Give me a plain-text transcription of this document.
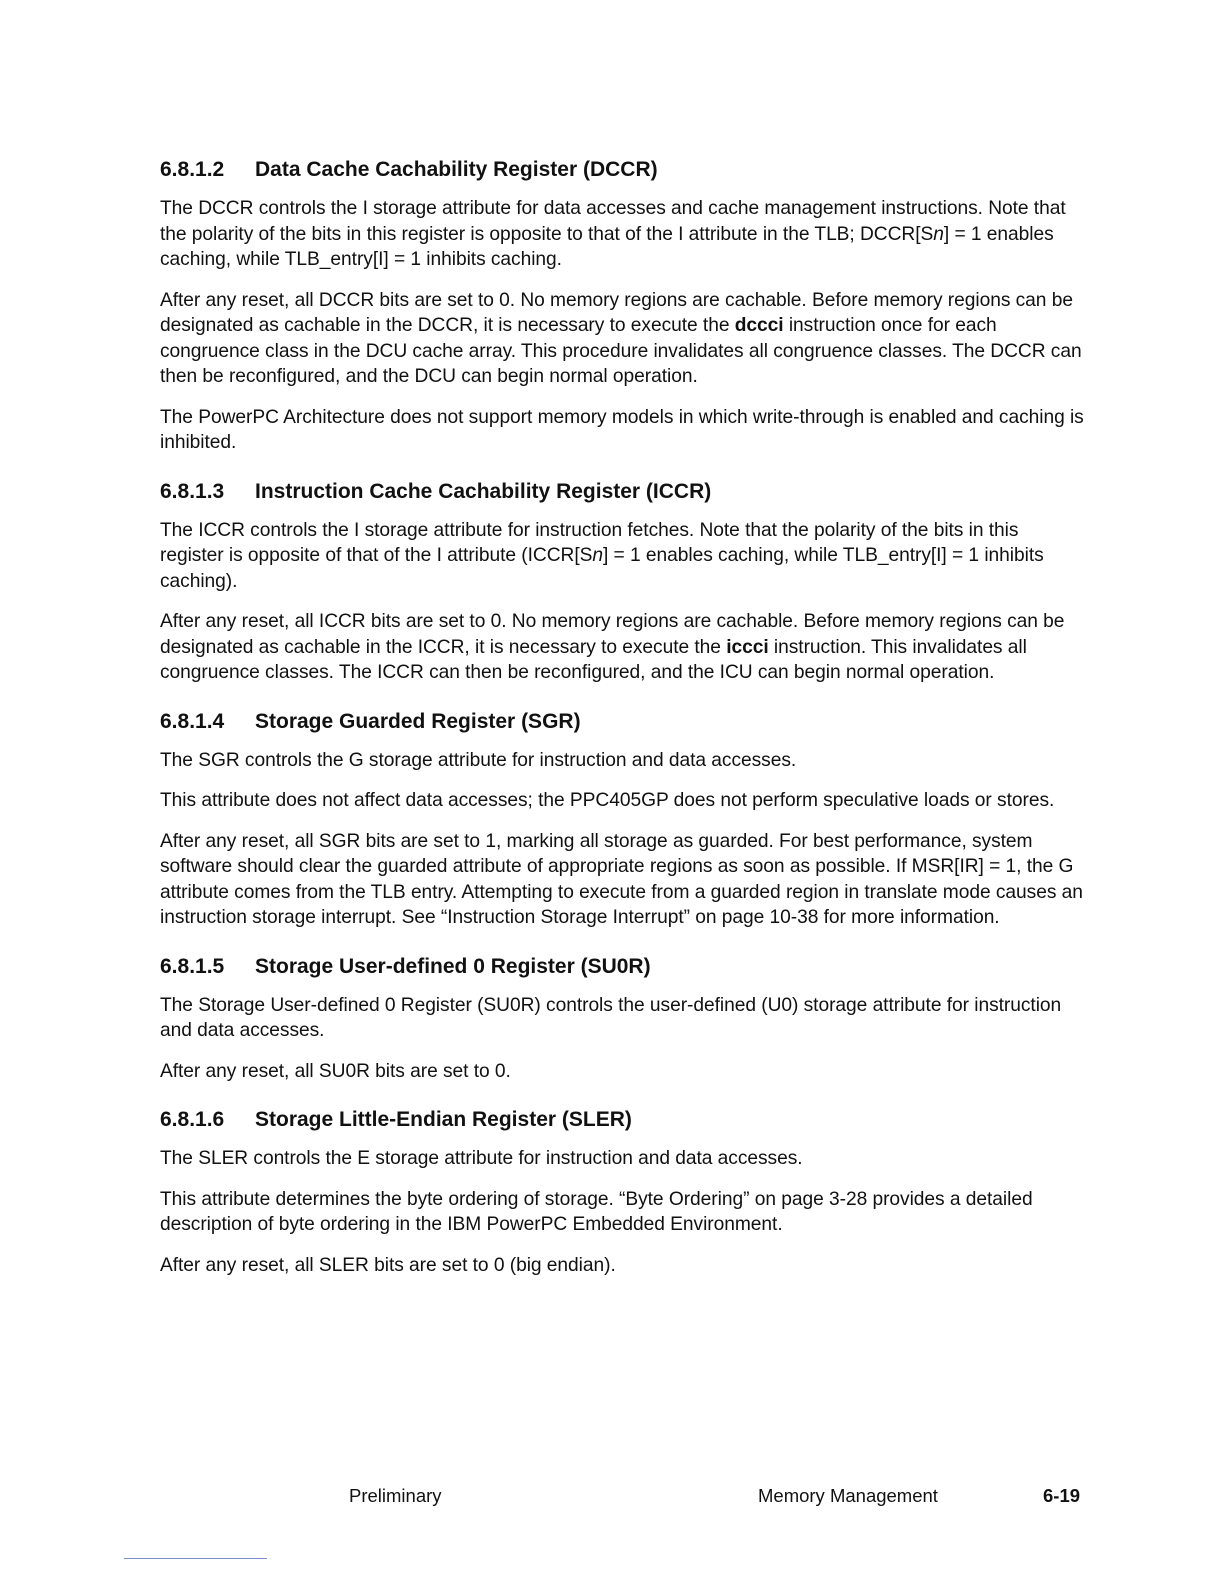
6.8.1.2	Data Cache Cachability Register (DCCR)

The DCCR controls the I storage attribute for data accesses and cache management instructions. Note that the polarity of the bits in this register is opposite to that of the I attribute in the TLB; DCCR[Sn] = 1 enables caching, while TLB_entry[I] = 1 inhibits caching.

After any reset, all DCCR bits are set to 0. No memory regions are cachable. Before memory regions can be designated as cachable in the DCCR, it is necessary to execute the dccci instruction once for each congruence class in the DCU cache array. This procedure invalidates all congruence classes. The DCCR can then be reconfigured, and the DCU can begin normal operation.

The PowerPC Architecture does not support memory models in which write-through is enabled and caching is inhibited.

6.8.1.3	Instruction Cache Cachability Register (ICCR)

The ICCR controls the I storage attribute for instruction fetches. Note that the polarity of the bits in this register is opposite of that of the I attribute (ICCR[Sn] = 1 enables caching, while TLB_entry[I] = 1 inhibits caching).

After any reset, all ICCR bits are set to 0. No memory regions are cachable. Before memory regions can be designated as cachable in the ICCR, it is necessary to execute the iccci instruction. This invalidates all congruence classes. The ICCR can then be reconfigured, and the ICU can begin normal operation.

6.8.1.4	Storage Guarded Register (SGR)

The SGR controls the G storage attribute for instruction and data accesses.

This attribute does not affect data accesses; the PPC405GP does not perform speculative loads or stores.

After any reset, all SGR bits are set to 1, marking all storage as guarded. For best performance, system software should clear the guarded attribute of appropriate regions as soon as possible. If MSR[IR] = 1, the G attribute comes from the TLB entry. Attempting to execute from a guarded region in translate mode causes an instruction storage interrupt. See “Instruction Storage Interrupt” on page 10-38 for more information.

6.8.1.5	Storage User-defined 0 Register (SU0R)

The Storage User-defined 0 Register (SU0R) controls the user-defined (U0) storage attribute for instruction and data accesses.

After any reset, all SU0R bits are set to 0.

6.8.1.6	Storage Little-Endian Register (SLER)

The SLER controls the E storage attribute for instruction and data accesses.

This attribute determines the byte ordering of storage. “Byte Ordering” on page 3-28 provides a detailed description of byte ordering in the IBM PowerPC Embedded Environment.

After any reset, all SLER bits are set to 0 (big endian).

Preliminary	Memory Management	6-19
